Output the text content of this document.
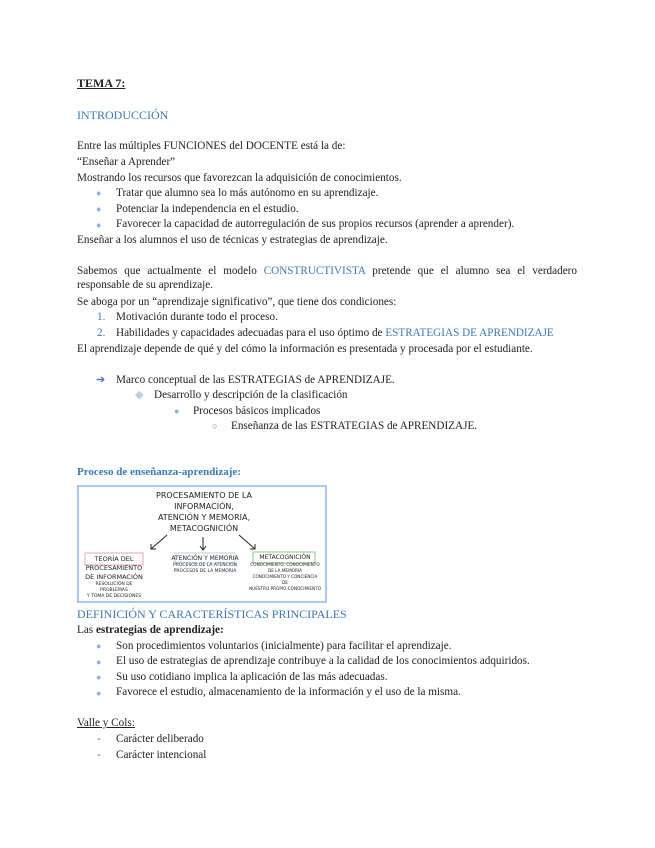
TEMA 7:
INTRODUCCIÓN
Entre las múltiples FUNCIONES del DOCENTE está la de:
“Enseñar a Aprender”
Mostrando los recursos que favorezcan la adquisición de conocimientos.
● Tratar que alumno sea lo más autónomo en su aprendizaje.
● Potenciar la independencia en el estudio.
● Favorecer la capacidad de autorregulación de sus propios recursos (aprender a aprender).
Enseñar a los alumnos el uso de técnicas y estrategias de aprendizaje.
Sabemos que actualmente el modelo CONSTRUCTIVISTA pretende que el alumno sea el verdadero responsable de su aprendizaje.
Se aboga por un “aprendizaje significativo”, que tiene dos condiciones:
1. Motivación durante todo el proceso.
2. Habilidades y capacidades adecuadas para el uso óptimo de ESTRATEGIAS DE APRENDIZAJE
El aprendizaje depende de qué y del cómo la información es presentada y procesada por el estudiante.
➔ Marco conceptual de las ESTRATEGIAS de APRENDIZAJE.
◆ Desarrollo y descripción de la clasificación
● Procesos básicos implicados
○ Enseñanza de las ESTRATEGIAS de APRENDIZAJE.
Proceso de enseñanza-aprendizaje:
PROCESAMIENTO DE LA
INFORMACIÓN,
ATENCIÓN Y MEMORIA,
METACOGNICIÓN
TEORÍA DEL
PROCESAMIENTO
DE INFORMACIÓN
RESOLUCIÓN DE PROBLEMAS
Y TOMA DE DECISIONES
ATENCIÓN Y MEMORIA
PROCESOS DE LA ATENCIÓN
PROCESOS DE LA MEMORIA
METACOGNICIÓN
CONOCIMIENTO, CONOCIMIENTO
DE LA MEMORIA
CONOCIMIENTO Y CONCIENCIA DE
NUESTRO PROPIO CONOCIMIENTO
DEFINICIÓN Y CARACTERÍSTICAS PRINCIPALES
Las estrategias de aprendizaje:
● Son procedimientos voluntarios (inicialmente) para facilitar el aprendizaje.
● El uso de estrategias de aprendizaje contribuye a la calidad de los conocimientos adquiridos.
● Su uso cotidiano implica la aplicación de las más adecuadas.
● Favorece el estudio, almacenamiento de la información y el uso de la misma.
Valle y Cols:
- Carácter deliberado
- Carácter intencional
